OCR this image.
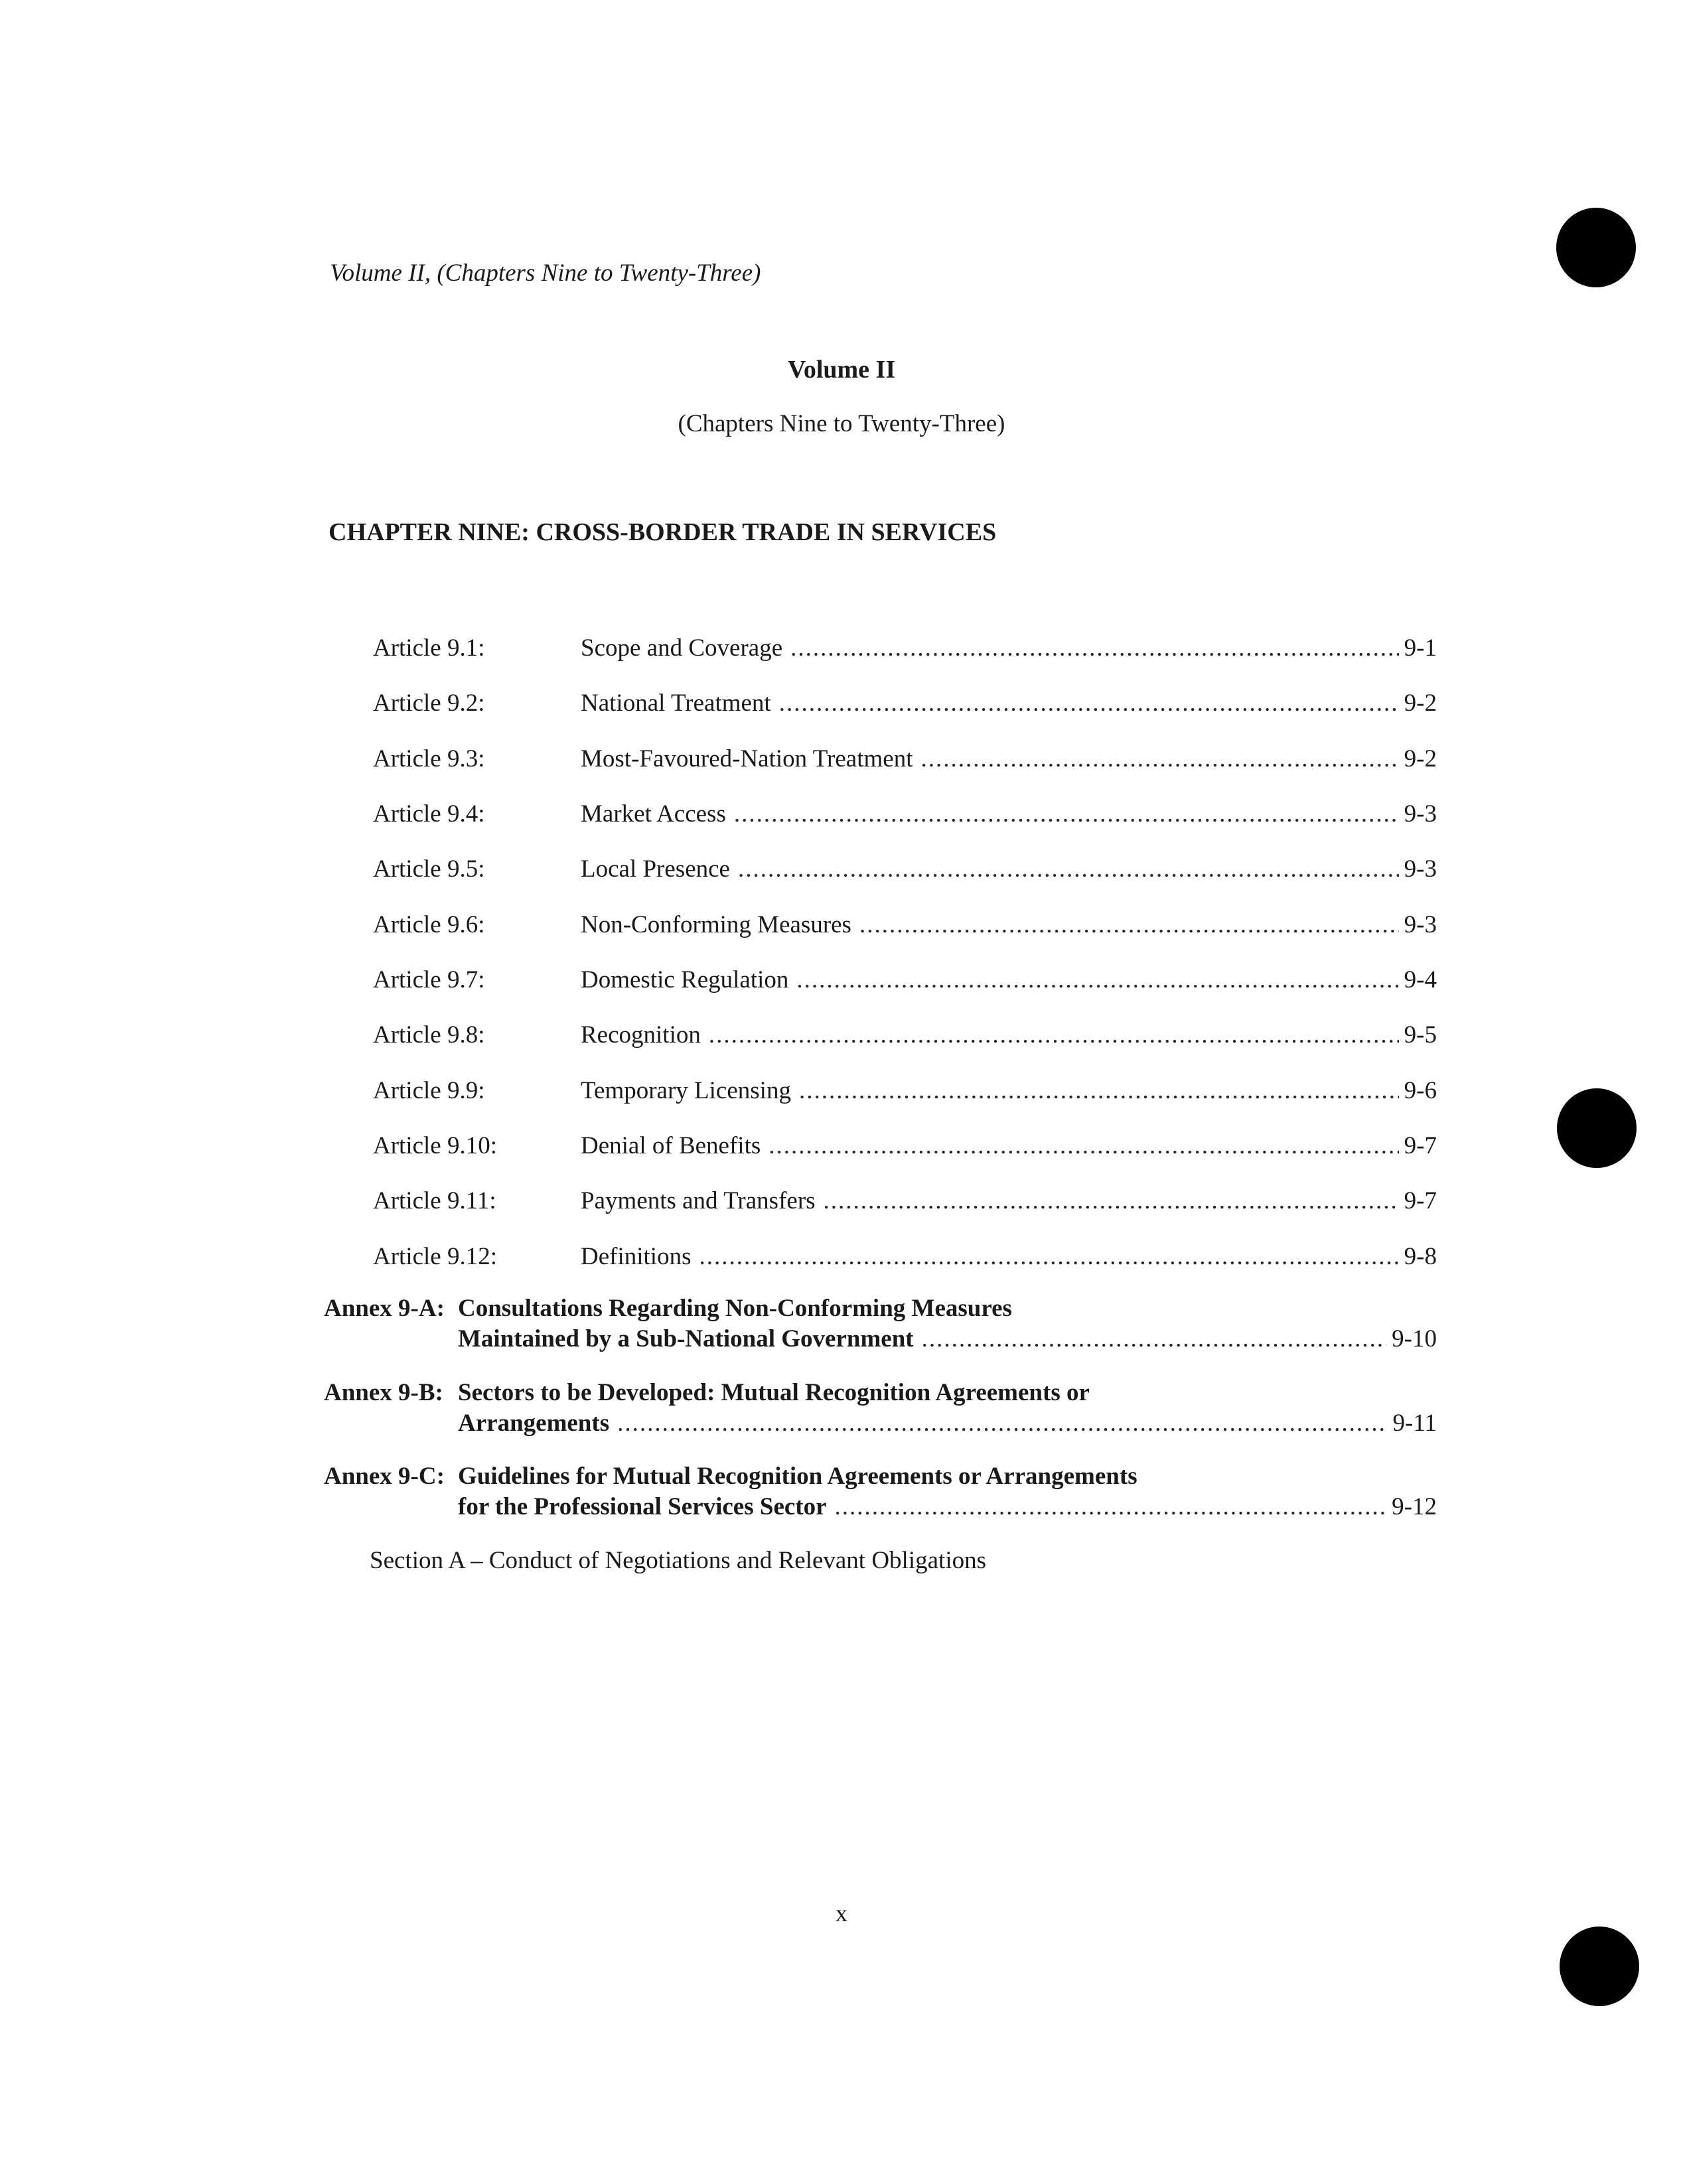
Volume II, (Chapters Nine to Twenty-Three)
Volume II
(Chapters Nine to Twenty-Three)
CHAPTER NINE: CROSS-BORDER TRADE IN SERVICES
Article 9.1:	Scope and Coverage .....	9-1
Article 9.2:	National Treatment .....	9-2
Article 9.3:	Most-Favoured-Nation Treatment .....	9-2
Article 9.4:	Market Access .....	9-3
Article 9.5:	Local Presence .....	9-3
Article 9.6:	Non-Conforming Measures .....	9-3
Article 9.7:	Domestic Regulation .....	9-4
Article 9.8:	Recognition .....	9-5
Article 9.9:	Temporary Licensing .....	9-6
Article 9.10:	Denial of Benefits .....	9-7
Article 9.11:	Payments and Transfers .....	9-7
Article 9.12:	Definitions .....	9-8
Annex 9-A: Consultations Regarding Non-Conforming Measures
Maintained by a Sub-National Government .....	9-10
Annex 9-B: Sectors to be Developed: Mutual Recognition Agreements or
Arrangements .....	9-11
Annex 9-C: Guidelines for Mutual Recognition Agreements or Arrangements
for the Professional Services Sector .....	9-12
Section A – Conduct of Negotiations and Relevant Obligations
x
